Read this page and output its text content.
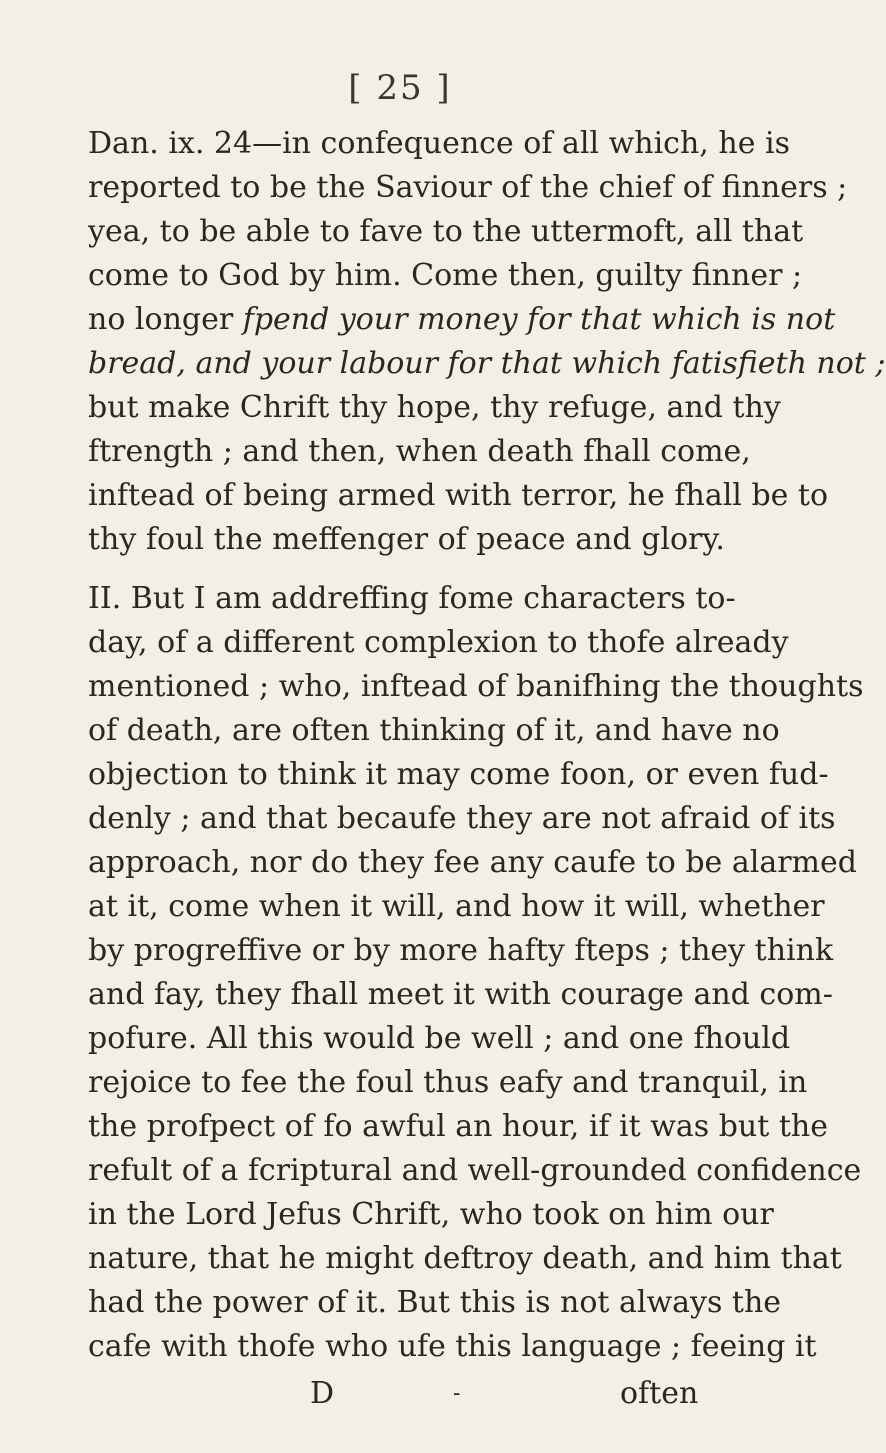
[ 25 ]
Dan. ix. 24—in confequence of all which, he is
reported to be the Saviour of the chief of finners ;
yea, to be able to fave to the uttermoft, all that
come to God by him. Come then, guilty finner ;
no longer fpend your money for that which is not
bread, and your labour for that which fatisfieth not ;
but make Chrift thy hope, thy refuge, and thy
ftrength ; and then, when death fhall come,
inftead of being armed with terror, he fhall be to
thy foul the meffenger of peace and glory.
II. But I am addreffing fome characters to-
day, of a different complexion to thofe already
mentioned ; who, inftead of banifhing the thoughts
of death, are often thinking of it, and have no
objection to think it may come foon, or even fud-
denly ; and that becaufe they are not afraid of its
approach, nor do they fee any caufe to be alarmed
at it, come when it will, and how it will, whether
by progreffive or by more hafty fteps ; they think
and fay, they fhall meet it with courage and com-
pofure. All this would be well ; and one fhould
rejoice to fee the foul thus eafy and tranquil, in
the profpect of fo awful an hour, if it was but the
refult of a fcriptural and well-grounded confidence
in the Lord Jefus Chrift, who took on him our
nature, that he might deftroy death, and him that
had the power of it. But this is not always the
cafe with thofe who ufe this language ; feeing it
D	-	often
